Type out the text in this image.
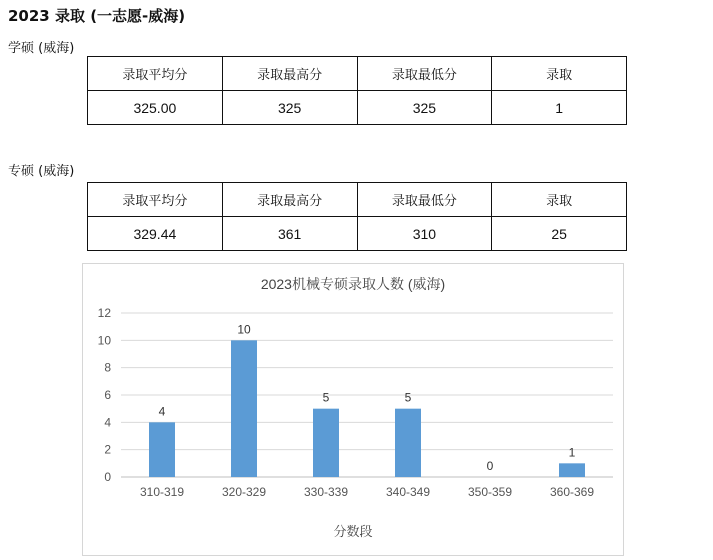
2023 录取 (一志愿-威海)
学硕 (威海)
录取平均分	录取最高分	录取最低分	录取
325.00	325	325	1
专硕 (威海)
录取平均分	录取最高分	录取最低分	录取
329.44	361	310	25
2023机械专硕录取人数 (威海)
0
2
4
6
8
10
12
4
310-319
10
320-329
5
330-339
5
340-349
0
350-359
1
360-369
分数段
